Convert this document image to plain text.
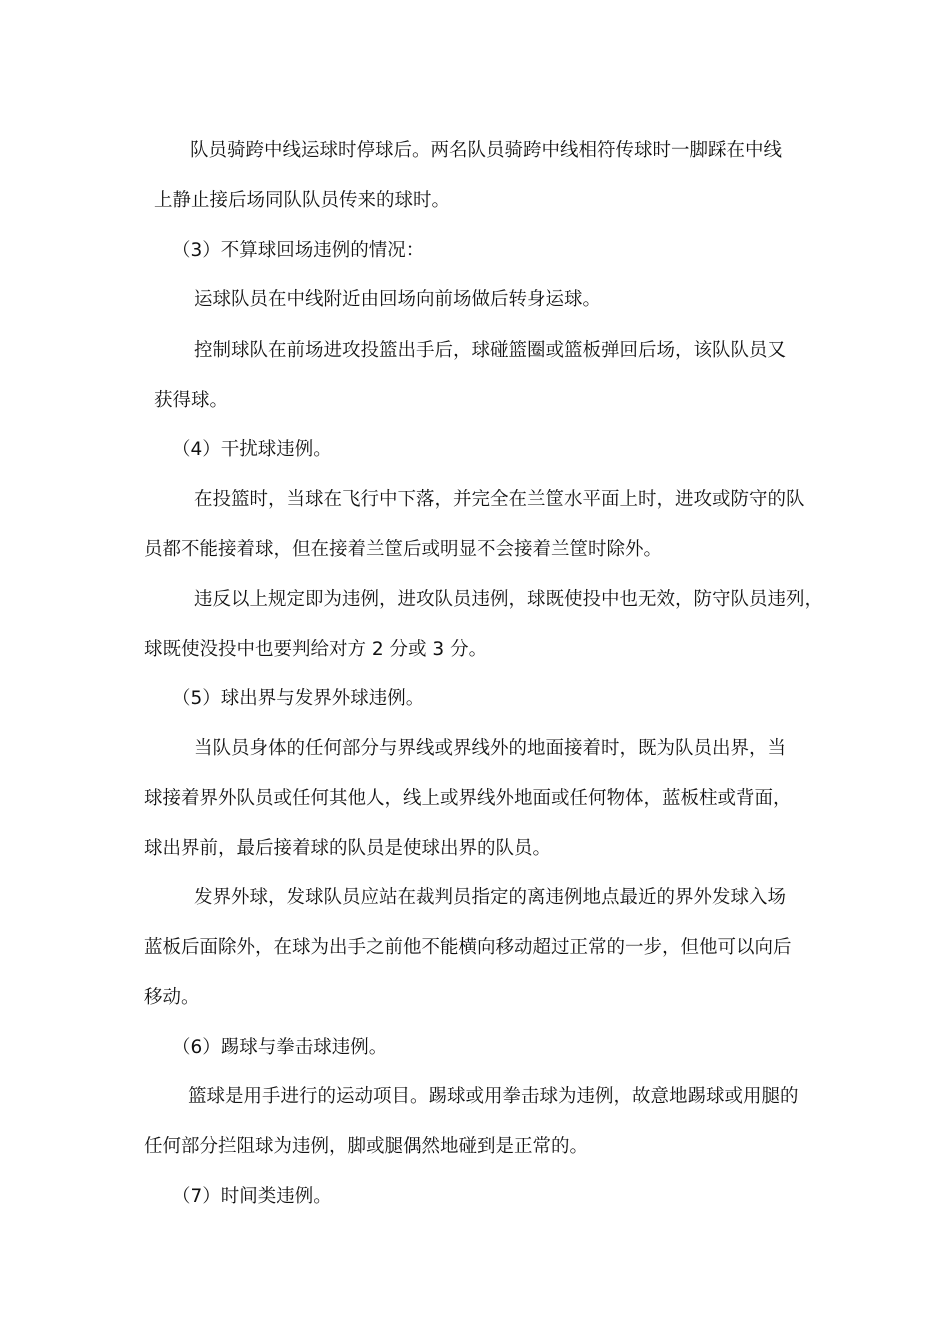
队员骑跨中线运球时停球后。两名队员骑跨中线相符传球时一脚踩在中线
上静止接后场同队队员传来的球时。
（3）不算球回场违例的情况：
运球队员在中线附近由回场向前场做后转身运球。
控制球队在前场进攻投篮出手后，球碰篮圈或篮板弹回后场，该队队员又
获得球。
（4）干扰球违例。
在投篮时，当球在飞行中下落，并完全在兰筐水平面上时，进攻或防守的队
员都不能接着球，但在接着兰筐后或明显不会接着兰筐时除外。
违反以上规定即为违例，进攻队员违例，球既使投中也无效，防守队员违列，
球既使没投中也要判给对方 2 分或 3 分。
（5）球出界与发界外球违例。
当队员身体的任何部分与界线或界线外的地面接着时，既为队员出界，当
球接着界外队员或任何其他人，线上或界线外地面或任何物体，蓝板柱或背面，
球出界前，最后接着球的队员是使球出界的队员。
发界外球，发球队员应站在裁判员指定的离违例地点最近的界外发球入场
蓝板后面除外，在球为出手之前他不能横向移动超过正常的一步，但他可以向后
移动。
（6）踢球与拳击球违例。
篮球是用手进行的运动项目。踢球或用拳击球为违例，故意地踢球或用腿的
任何部分拦阻球为违例，脚或腿偶然地碰到是正常的。
（7）时间类违例。
